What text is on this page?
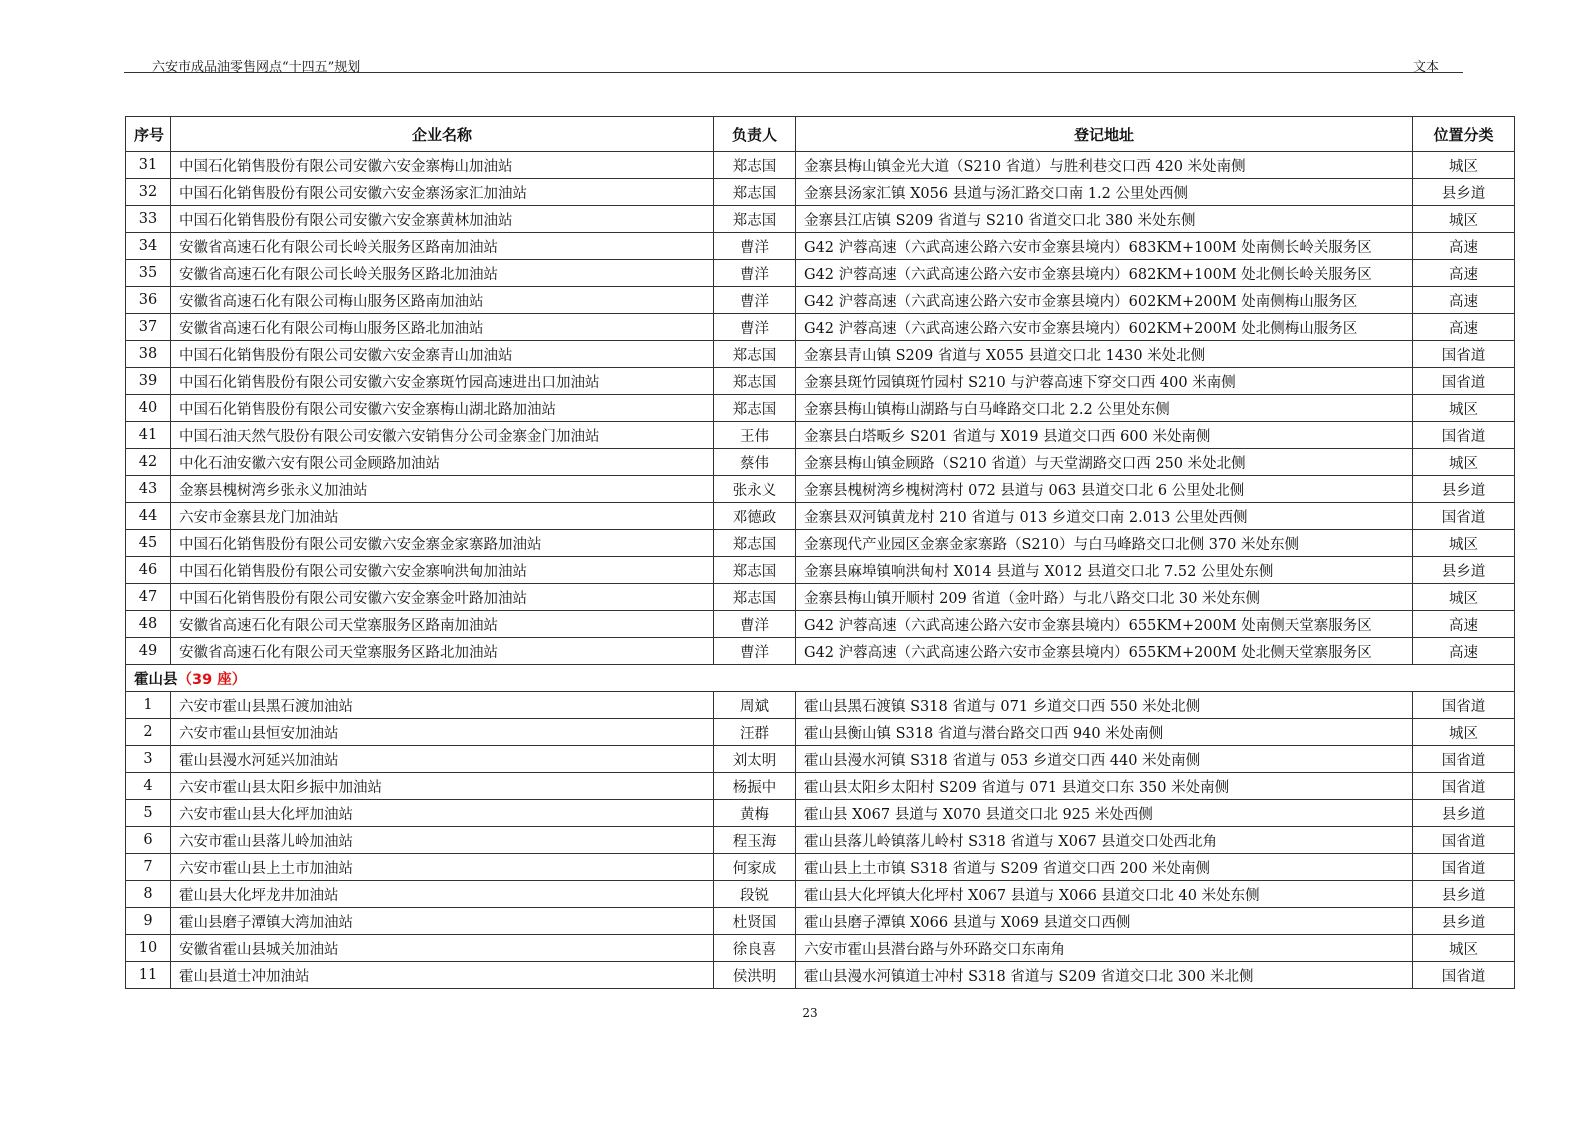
六安市成品油零售网点“十四五”规划	文本
序号	企业名称	负责人	登记地址	位置分类
31	中国石化销售股份有限公司安徽六安金寨梅山加油站	郑志国	金寨县梅山镇金光大道（S210 省道）与胜利巷交口西 420 米处南侧	城区
32	中国石化销售股份有限公司安徽六安金寨汤家汇加油站	郑志国	金寨县汤家汇镇 X056 县道与汤汇路交口南 1.2 公里处西侧	县乡道
33	中国石化销售股份有限公司安徽六安金寨黄林加油站	郑志国	金寨县江店镇 S209 省道与 S210 省道交口北 380 米处东侧	城区
34	安徽省高速石化有限公司长岭关服务区路南加油站	曹洋	G42 沪蓉高速（六武高速公路六安市金寨县境内）683KM+100M 处南侧长岭关服务区	高速
35	安徽省高速石化有限公司长岭关服务区路北加油站	曹洋	G42 沪蓉高速（六武高速公路六安市金寨县境内）682KM+100M 处北侧长岭关服务区	高速
36	安徽省高速石化有限公司梅山服务区路南加油站	曹洋	G42 沪蓉高速（六武高速公路六安市金寨县境内）602KM+200M 处南侧梅山服务区	高速
37	安徽省高速石化有限公司梅山服务区路北加油站	曹洋	G42 沪蓉高速（六武高速公路六安市金寨县境内）602KM+200M 处北侧梅山服务区	高速
38	中国石化销售股份有限公司安徽六安金寨青山加油站	郑志国	金寨县青山镇 S209 省道与 X055 县道交口北 1430 米处北侧	国省道
39	中国石化销售股份有限公司安徽六安金寨斑竹园高速进出口加油站	郑志国	金寨县斑竹园镇斑竹园村 S210 与沪蓉高速下穿交口西 400 米南侧	国省道
40	中国石化销售股份有限公司安徽六安金寨梅山湖北路加油站	郑志国	金寨县梅山镇梅山湖路与白马峰路交口北 2.2 公里处东侧	城区
41	中国石油天然气股份有限公司安徽六安销售分公司金寨金门加油站	王伟	金寨县白塔畈乡 S201 省道与 X019 县道交口西 600 米处南侧	国省道
42	中化石油安徽六安有限公司金顾路加油站	蔡伟	金寨县梅山镇金顾路（S210 省道）与天堂湖路交口西 250 米处北侧	城区
43	金寨县槐树湾乡张永义加油站	张永义	金寨县槐树湾乡槐树湾村 072 县道与 063 县道交口北 6 公里处北侧	县乡道
44	六安市金寨县龙门加油站	邓德政	金寨县双河镇黄龙村 210 省道与 013 乡道交口南 2.013 公里处西侧	国省道
45	中国石化销售股份有限公司安徽六安金寨金家寨路加油站	郑志国	金寨现代产业园区金寨金家寨路（S210）与白马峰路交口北侧 370 米处东侧	城区
46	中国石化销售股份有限公司安徽六安金寨响洪甸加油站	郑志国	金寨县麻埠镇响洪甸村 X014 县道与 X012 县道交口北 7.52 公里处东侧	县乡道
47	中国石化销售股份有限公司安徽六安金寨金叶路加油站	郑志国	金寨县梅山镇开顺村 209 省道（金叶路）与北八路交口北 30 米处东侧	城区
48	安徽省高速石化有限公司天堂寨服务区路南加油站	曹洋	G42 沪蓉高速（六武高速公路六安市金寨县境内）655KM+200M 处南侧天堂寨服务区	高速
49	安徽省高速石化有限公司天堂寨服务区路北加油站	曹洋	G42 沪蓉高速（六武高速公路六安市金寨县境内）655KM+200M 处北侧天堂寨服务区	高速
霍山县（39 座）				
1	六安市霍山县黑石渡加油站	周斌	霍山县黑石渡镇 S318 省道与 071 乡道交口西 550 米处北侧	国省道
2	六安市霍山县恒安加油站	汪群	霍山县衡山镇 S318 省道与潜台路交口西 940 米处南侧	城区
3	霍山县漫水河延兴加油站	刘太明	霍山县漫水河镇 S318 省道与 053 乡道交口西 440 米处南侧	国省道
4	六安市霍山县太阳乡振中加油站	杨振中	霍山县太阳乡太阳村 S209 省道与 071 县道交口东 350 米处南侧	国省道
5	六安市霍山县大化坪加油站	黄梅	霍山县 X067 县道与 X070 县道交口北 925 米处西侧	县乡道
6	六安市霍山县落儿岭加油站	程玉海	霍山县落儿岭镇落儿岭村 S318 省道与 X067 县道交口处西北角	国省道
7	六安市霍山县上土市加油站	何家成	霍山县上土市镇 S318 省道与 S209 省道交口西 200 米处南侧	国省道
8	霍山县大化坪龙井加油站	段锐	霍山县大化坪镇大化坪村 X067 县道与 X066 县道交口北 40 米处东侧	县乡道
9	霍山县磨子潭镇大湾加油站	杜贤国	霍山县磨子潭镇 X066 县道与 X069 县道交口西侧	县乡道
10	安徽省霍山县城关加油站	徐良喜	六安市霍山县潜台路与外环路交口东南角	城区
11	霍山县道士冲加油站	侯洪明	霍山县漫水河镇道士冲村 S318 省道与 S209 省道交口北 300 米北侧	国省道
23
